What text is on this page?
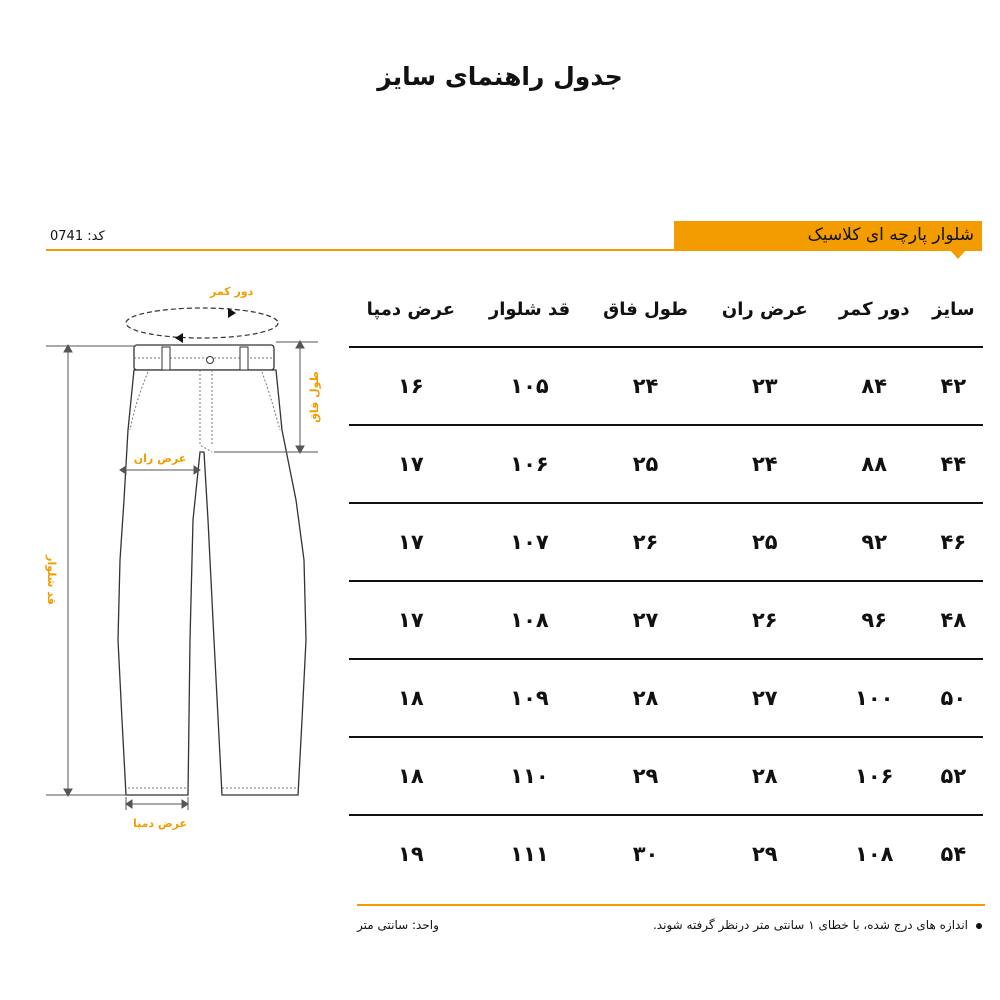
جدول راهنمای سایز
شلوار پارچه ای کلاسیک
کد: 0741
دور کمر
قد شلوار
طول فاق
عرض ران
عرض دمپا
سایز	دور کمر	عرض ران	طول فاق	قد شلوار	عرض دمپا
۴۲	۸۴	۲۳	۲۴	۱۰۵	۱۶
۴۴	۸۸	۲۴	۲۵	۱۰۶	۱۷
۴۶	۹۲	۲۵	۲۶	۱۰۷	۱۷
۴۸	۹۶	۲۶	۲۷	۱۰۸	۱۷
۵۰	۱۰۰	۲۷	۲۸	۱۰۹	۱۸
۵۲	۱۰۶	۲۸	۲۹	۱۱۰	۱۸
۵۴	۱۰۸	۲۹	۳۰	۱۱۱	۱۹
اندازه های درج شده، با خطای ۱ سانتی متر درنظر گرفته شوند.
واحد: سانتی متر
